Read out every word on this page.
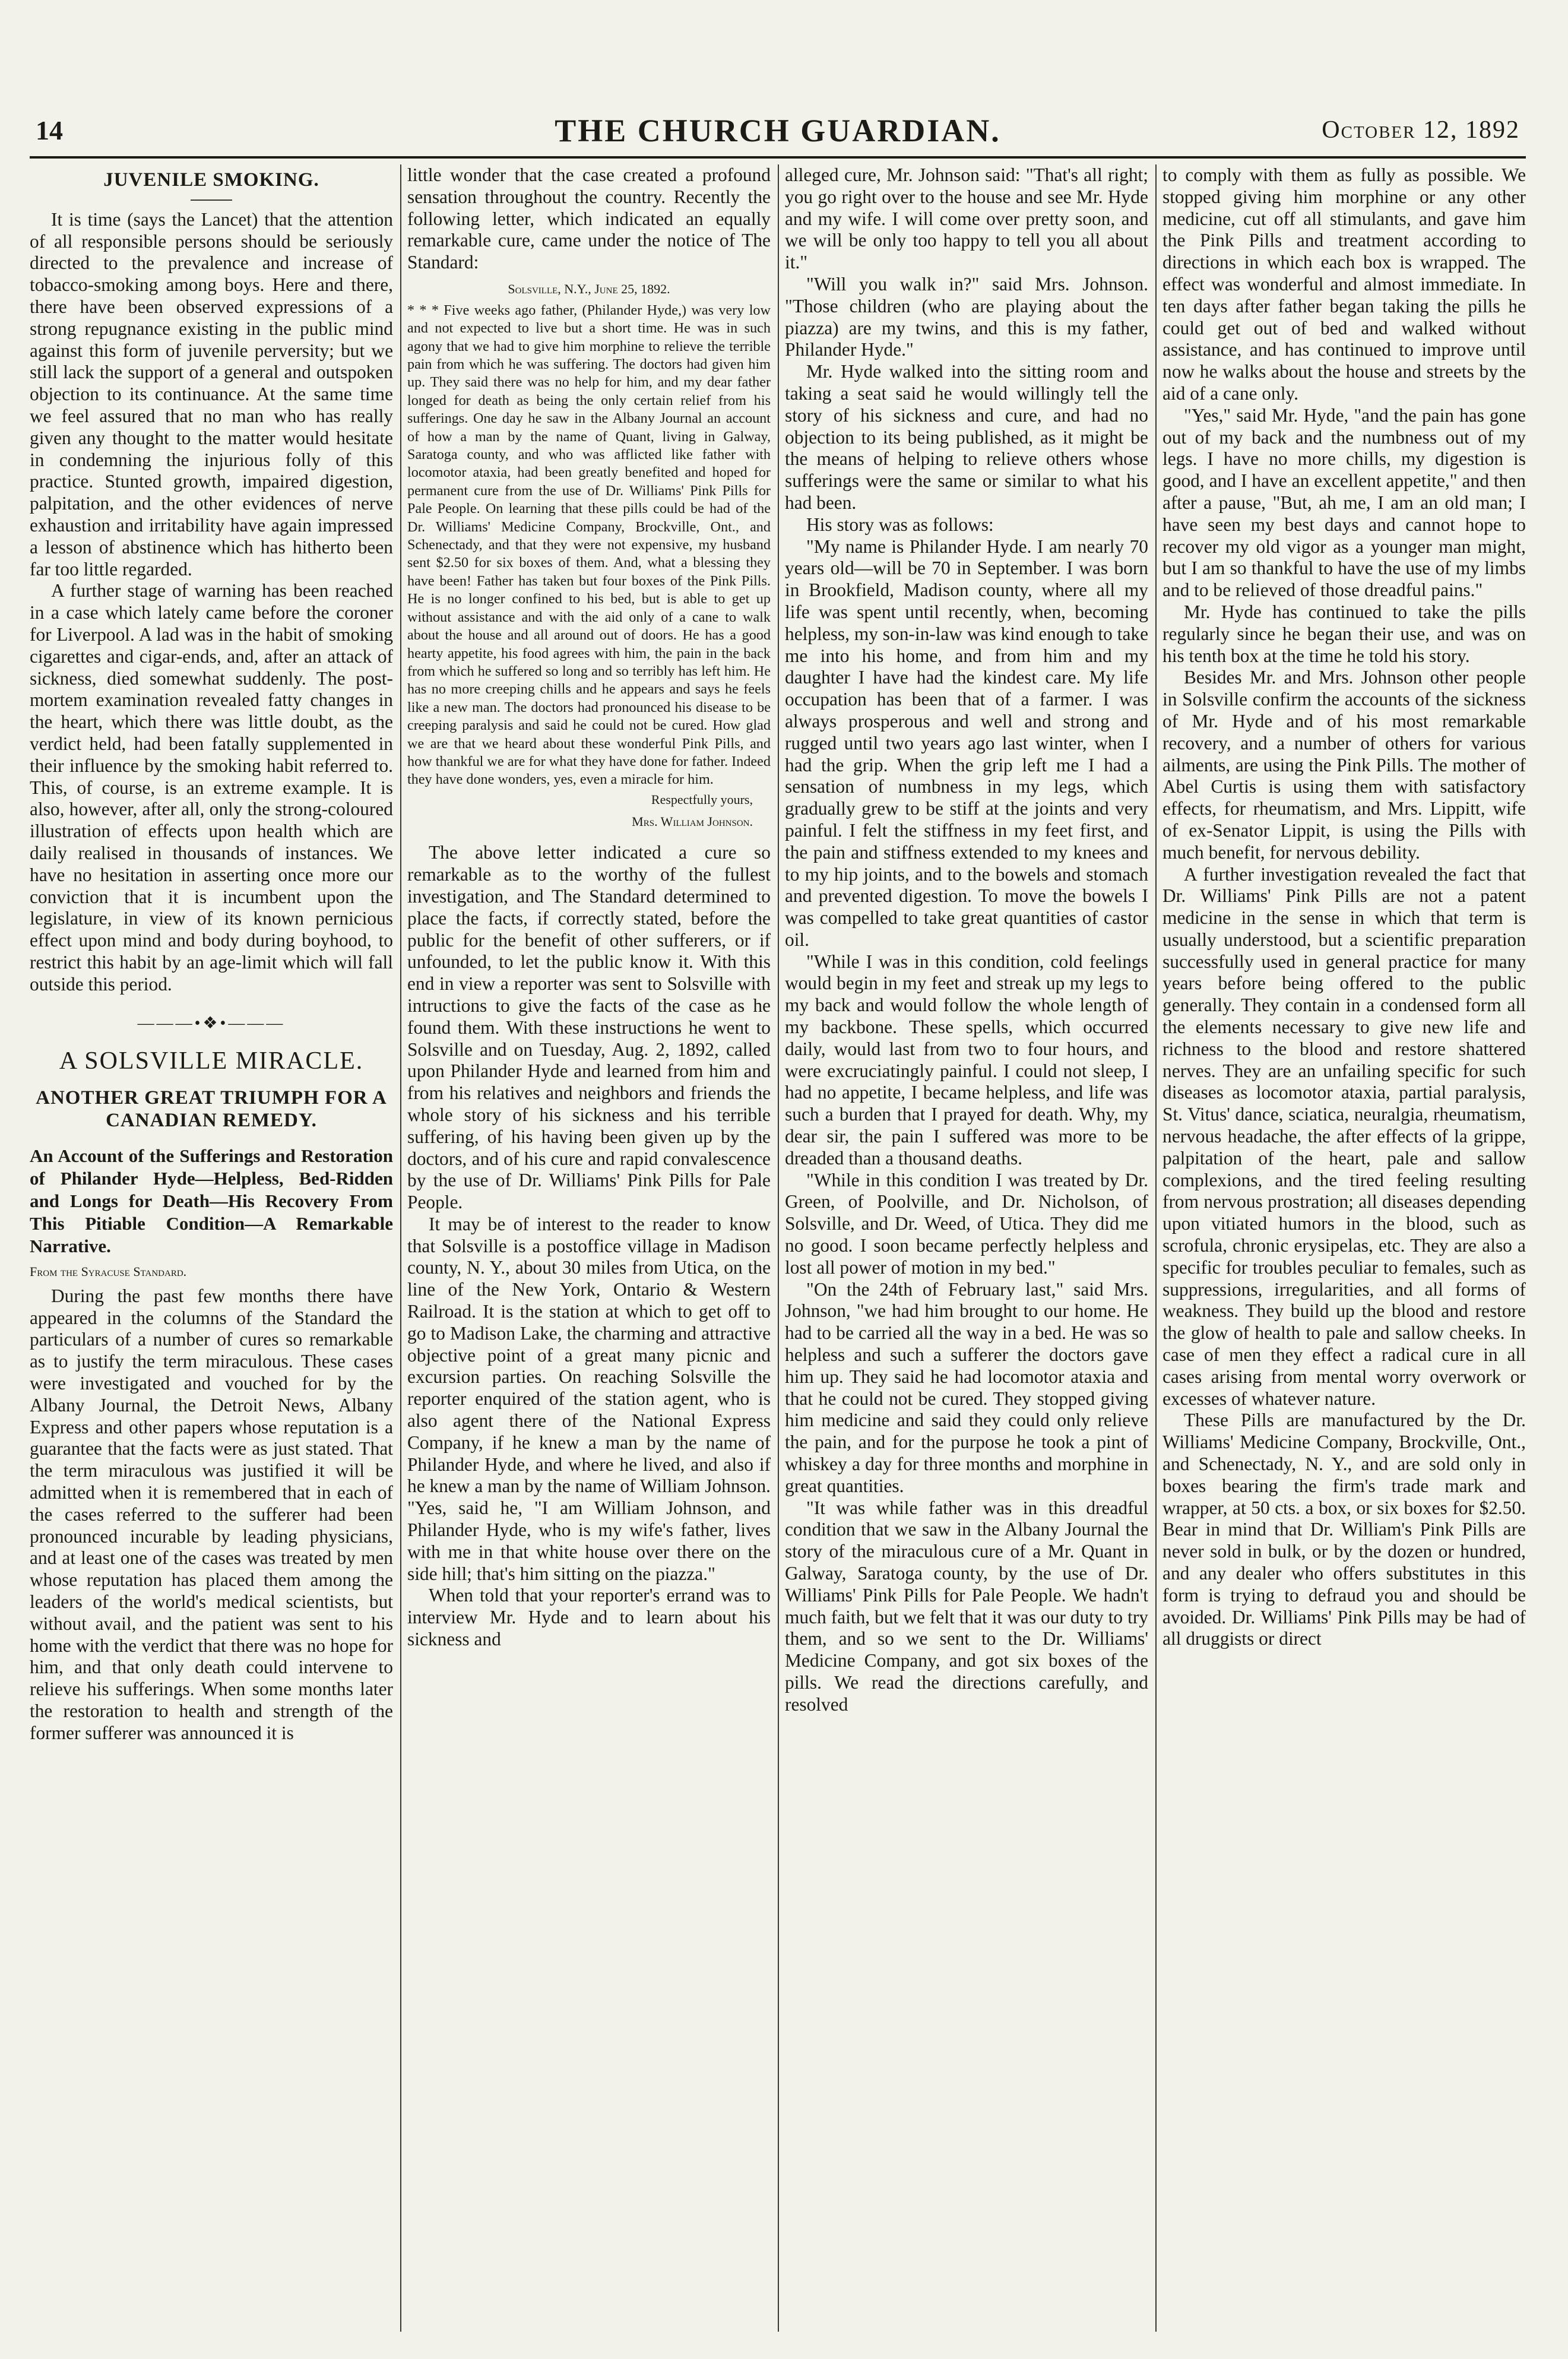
14	THE CHURCH GUARDIAN.	October 12, 1892
JUVENILE SMOKING.

It is time (says the Lancet) that the attention of all responsible persons should be seriously directed to the prevalence and increase of tobacco-smoking among boys. Here and there, there have been observed expressions of a strong repugnance existing in the public mind against this form of juvenile perversity; but we still lack the support of a general and outspoken objection to its continuance. At the same time we feel assured that no man who has really given any thought to the matter would hesitate in condemning the injurious folly of this practice. Stunted growth, impaired digestion, palpitation, and the other evidences of nerve exhaustion and irritability have again impressed a lesson of abstinence which has hitherto been far too little regarded.

A further stage of warning has been reached in a case which lately came before the coroner for Liverpool. A lad was in the habit of smoking cigarettes and cigar-ends, and, after an attack of sickness, died somewhat suddenly. The post-mortem examination revealed fatty changes in the heart, which there was little doubt, as the verdict held, had been fatally supplemented in their influence by the smoking habit referred to. This, of course, is an extreme example. It is also, however, after all, only the strong-coloured illustration of effects upon health which are daily realised in thousands of instances. We have no hesitation in asserting once more our conviction that it is incumbent upon the legislature, in view of its known pernicious effect upon mind and body during boyhood, to restrict this habit by an age-limit which will fall outside this period.

———•❖•———
A SOLSVILLE MIRACLE.
ANOTHER GREAT TRIUMPH FOR A CANADIAN REMEDY.

An Account of the Sufferings and Restoration of Philander Hyde—Helpless, Bed-Ridden and Longs for Death—His Recovery From This Pitiable Condition—A Remarkable Narrative.

From the Syracuse Standard.

During the past few months there have appeared in the columns of the Standard the particulars of a number of cures so remarkable as to justify the term miraculous. These cases were investigated and vouched for by the Albany Journal, the Detroit News, Albany Express and other papers whose reputation is a guarantee that the facts were as just stated. That the term miraculous was justified it will be admitted when it is remembered that in each of the cases referred to the sufferer had been pronounced incurable by leading physicians, and at least one of the cases was treated by men whose reputation has placed them among the leaders of the world's medical scientists, but without avail, and the patient was sent to his home with the verdict that there was no hope for him, and that only death could intervene to relieve his sufferings. When some months later the restoration to health and strength of the former sufferer was announced it is

little wonder that the case created a profound sensation throughout the country. Recently the following letter, which indicated an equally remarkable cure, came under the notice of The Standard:

Solsville, N.Y., June 25, 1892.

* * * Five weeks ago father, (Philander Hyde,) was very low and not expected to live but a short time. He was in such agony that we had to give him morphine to relieve the terrible pain from which he was suffering. The doctors had given him up. They said there was no help for him, and my dear father longed for death as being the only certain relief from his sufferings. One day he saw in the Albany Journal an account of how a man by the name of Quant, living in Galway, Saratoga county, and who was afflicted like father with locomotor ataxia, had been greatly benefited and hoped for permanent cure from the use of Dr. Williams' Pink Pills for Pale People. On learning that these pills could be had of the Dr. Williams' Medicine Company, Brockville, Ont., and Schenectady, and that they were not expensive, my husband sent $2.50 for six boxes of them. And, what a blessing they have been! Father has taken but four boxes of the Pink Pills. He is no longer confined to his bed, but is able to get up without assistance and with the aid only of a cane to walk about the house and all around out of doors. He has a good hearty appetite, his food agrees with him, the pain in the back from which he suffered so long and so terribly has left him. He has no more creeping chills and he appears and says he feels like a new man. The doctors had pronounced his disease to be creeping paralysis and said he could not be cured. How glad we are that we heard about these wonderful Pink Pills, and how thankful we are for what they have done for father. Indeed they have done wonders, yes, even a miracle for him.

Respectfully yours,

Mrs. William Johnson.

The above letter indicated a cure so remarkable as to the worthy of the fullest investigation, and The Standard determined to place the facts, if correctly stated, before the public for the benefit of other sufferers, or if unfounded, to let the public know it. With this end in view a reporter was sent to Solsville with intructions to give the facts of the case as he found them. With these instructions he went to Solsville and on Tuesday, Aug. 2, 1892, called upon Philander Hyde and learned from him and from his relatives and neighbors and friends the whole story of his sickness and his terrible suffering, of his having been given up by the doctors, and of his cure and rapid convalescence by the use of Dr. Williams' Pink Pills for Pale People.

It may be of interest to the reader to know that Solsville is a postoffice village in Madison county, N. Y., about 30 miles from Utica, on the line of the New York, Ontario & Western Railroad. It is the station at which to get off to go to Madison Lake, the charming and attractive objective point of a great many picnic and excursion parties. On reaching Solsville the reporter enquired of the station agent, who is also agent there of the National Express Company, if he knew a man by the name of Philander Hyde, and where he lived, and also if he knew a man by the name of William Johnson. "Yes, said he, "I am William Johnson, and Philander Hyde, who is my wife's father, lives with me in that white house over there on the side hill; that's him sitting on the piazza."

When told that your reporter's errand was to interview Mr. Hyde and to learn about his sickness and

alleged cure, Mr. Johnson said: "That's all right; you go right over to the house and see Mr. Hyde and my wife. I will come over pretty soon, and we will be only too happy to tell you all about it."

"Will you walk in?" said Mrs. Johnson. "Those children (who are playing about the piazza) are my twins, and this is my father, Philander Hyde."

Mr. Hyde walked into the sitting room and taking a seat said he would willingly tell the story of his sickness and cure, and had no objection to its being published, as it might be the means of helping to relieve others whose sufferings were the same or similar to what his had been.

His story was as follows:

"My name is Philander Hyde. I am nearly 70 years old—will be 70 in September. I was born in Brookfield, Madison county, where all my life was spent until recently, when, becoming helpless, my son-in-law was kind enough to take me into his home, and from him and my daughter I have had the kindest care. My life occupation has been that of a farmer. I was always prosperous and well and strong and rugged until two years ago last winter, when I had the grip. When the grip left me I had a sensation of numbness in my legs, which gradually grew to be stiff at the joints and very painful. I felt the stiffness in my feet first, and the pain and stiffness extended to my knees and to my hip joints, and to the bowels and stomach and prevented digestion. To move the bowels I was compelled to take great quantities of castor oil.

"While I was in this condition, cold feelings would begin in my feet and streak up my legs to my back and would follow the whole length of my backbone. These spells, which occurred daily, would last from two to four hours, and were excruciatingly painful. I could not sleep, I had no appetite, I became helpless, and life was such a burden that I prayed for death. Why, my dear sir, the pain I suffered was more to be dreaded than a thousand deaths.

"While in this condition I was treated by Dr. Green, of Poolville, and Dr. Nicholson, of Solsville, and Dr. Weed, of Utica. They did me no good. I soon became perfectly helpless and lost all power of motion in my bed."

"On the 24th of February last," said Mrs. Johnson, "we had him brought to our home. He had to be carried all the way in a bed. He was so helpless and such a sufferer the doctors gave him up. They said he had locomotor ataxia and that he could not be cured. They stopped giving him medicine and said they could only relieve the pain, and for the purpose he took a pint of whiskey a day for three months and morphine in great quantities.

"It was while father was in this dreadful condition that we saw in the Albany Journal the story of the miraculous cure of a Mr. Quant in Galway, Saratoga county, by the use of Dr. Williams' Pink Pills for Pale People. We hadn't much faith, but we felt that it was our duty to try them, and so we sent to the Dr. Williams' Medicine Company, and got six boxes of the pills. We read the directions carefully, and resolved

to comply with them as fully as possible. We stopped giving him morphine or any other medicine, cut off all stimulants, and gave him the Pink Pills and treatment according to directions in which each box is wrapped. The effect was wonderful and almost immediate. In ten days after father began taking the pills he could get out of bed and walked without assistance, and has continued to improve until now he walks about the house and streets by the aid of a cane only.

"Yes," said Mr. Hyde, "and the pain has gone out of my back and the numbness out of my legs. I have no more chills, my digestion is good, and I have an excellent appetite," and then after a pause, "But, ah me, I am an old man; I have seen my best days and cannot hope to recover my old vigor as a younger man might, but I am so thankful to have the use of my limbs and to be relieved of those dreadful pains."

Mr. Hyde has continued to take the pills regularly since he began their use, and was on his tenth box at the time he told his story.

Besides Mr. and Mrs. Johnson other people in Solsville confirm the accounts of the sickness of Mr. Hyde and of his most remarkable recovery, and a number of others for various ailments, are using the Pink Pills. The mother of Abel Curtis is using them with satisfactory effects, for rheumatism, and Mrs. Lippitt, wife of ex-Senator Lippit, is using the Pills with much benefit, for nervous debility.

A further investigation revealed the fact that Dr. Williams' Pink Pills are not a patent medicine in the sense in which that term is usually understood, but a scientific preparation successfully used in general practice for many years before being offered to the public generally. They contain in a condensed form all the elements necessary to give new life and richness to the blood and restore shattered nerves. They are an unfailing specific for such diseases as locomotor ataxia, partial paralysis, St. Vitus' dance, sciatica, neuralgia, rheumatism, nervous headache, the after effects of la grippe, palpitation of the heart, pale and sallow complexions, and the tired feeling resulting from nervous prostration; all diseases depending upon vitiated humors in the blood, such as scrofula, chronic erysipelas, etc. They are also a specific for troubles peculiar to females, such as suppressions, irregularities, and all forms of weakness. They build up the blood and restore the glow of health to pale and sallow cheeks. In case of men they effect a radical cure in all cases arising from mental worry overwork or excesses of whatever nature.

These Pills are manufactured by the Dr. Williams' Medicine Company, Brockville, Ont., and Schenectady, N. Y., and are sold only in boxes bearing the firm's trade mark and wrapper, at 50 cts. a box, or six boxes for $2.50. Bear in mind that Dr. William's Pink Pills are never sold in bulk, or by the dozen or hundred, and any dealer who offers substitutes in this form is trying to defraud you and should be avoided. Dr. Williams' Pink Pills may be had of all druggists or direct
